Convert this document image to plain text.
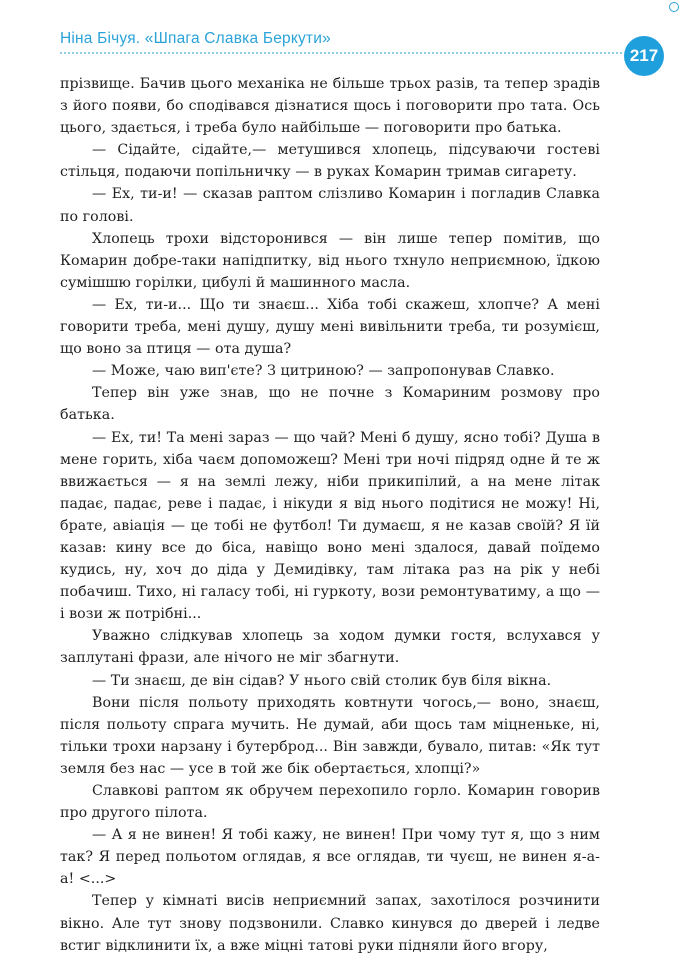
Ніна Бічуя. «Шпага Славка Беркути»
217

прізвище. Бачив цього механіка не більше трьох разів, та тепер зрадів з його появи, бо сподівався дізнатися щось і поговорити про тата. Ось цього, здається, і треба було найбільше — поговорити про батька.

— Сідайте, сідайте,— метушився хлопець, підсуваючи гостеві стільця, подаючи попільничку — в руках Комарин тримав сигарету.

— Ех, ти-и! — сказав раптом слізливо Комарин і погладив Славка по голові.

Хлопець трохи відсторонився — він лише тепер помітив, що Комарин добре-таки напідпитку, від нього тхнуло неприємною, їдкою сумішшю горілки, цибулі й машинного масла.

— Ех, ти-и... Що ти знаєш... Хіба тобі скажеш, хлопче? А мені говорити треба, мені душу, душу мені вивільнити треба, ти розумієш, що воно за птиця — ота душа?

— Може, чаю вип'єте? З цитриною? — запропонував Славко.

Тепер він уже знав, що не почне з Комариним розмову про батька.

— Ех, ти! Та мені зараз — що чай? Мені б душу, ясно тобі? Душа в мене горить, хіба чаєм допоможеш? Мені три ночі підряд одне й те ж ввижається — я на землі лежу, ніби прикипілий, а на мене літак падає, падає, реве і падає, і нікуди я від нього подітися не можу! Ні, брате, авіація — це тобі не футбол! Ти думаєш, я не казав своїй? Я їй казав: кину все до біса, навіщо воно мені здалося, давай поїдемо кудись, ну, хоч до діда у Демидівку, там літака раз на рік у небі побачиш. Тихо, ні галасу тобі, ні гуркоту, вози ремонтуватиму, а що — і вози ж потрібні...

Уважно слідкував хлопець за ходом думки гостя, вслухався у заплутані фрази, але нічого не міг збагнути.

— Ти знаєш, де він сідав? У нього свій столик був біля вікна.

Вони після польоту приходять ковтнути чогось,— воно, знаєш, після польоту спрага мучить. Не думай, аби щось там міцненьке, ні, тільки трохи нарзану і бутерброд... Він завжди, бувало, питав: «Як тут земля без нас — усе в той же бік обертається, хлопці?»

Славкові раптом як обручем перехопило горло. Комарин говорив про другого пілота.

— А я не винен! Я тобі кажу, не винен! При чому тут я, що з ним так? Я перед польотом оглядав, я все оглядав, ти чуєш, не винен я-а-а! <...>

Тепер у кімнаті висів неприємний запах, захотілося розчинити вікно. Але тут знову подзвонили. Славко кинувся до дверей і ледве встиг відклинити їх, а вже міцні татові руки підняли його вгору,
